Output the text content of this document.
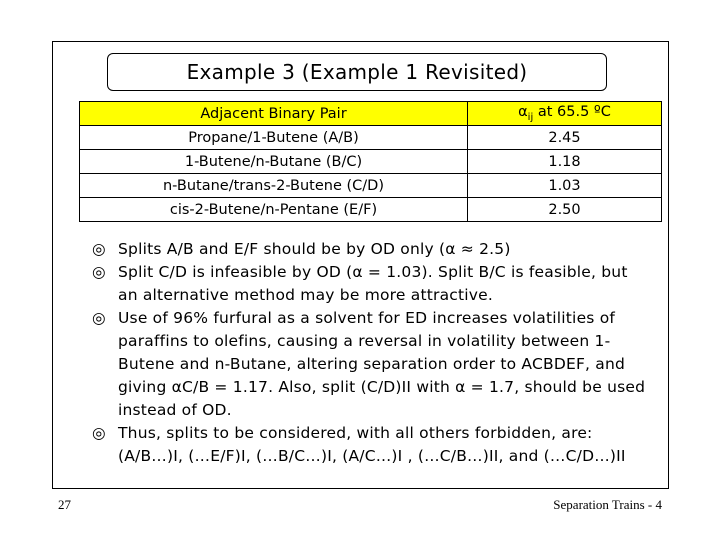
Example 3 (Example 1 Revisited)
Adjacent Binary Pair	$\alpha_{ij}$ at 65.5 ºC
Propane/1-Butene (A/B)	2.45
1-Butene/n-Butane (B/C)	1.18
n-Butane/trans-2-Butene (C/D)	1.03
cis-2-Butene/n-Pentane (E/F)	2.50
◎ Splits A/B and E/F should be by OD only (α ≈ 2.5)
◎ Split C/D is infeasible by OD (α = 1.03). Split B/C is feasible, but
an alternative method may be more attractive.
◎ Use of 96% furfural as a solvent for ED increases volatilities of
paraffins to olefins, causing a reversal in volatility between 1-
Butene and n-Butane, altering separation order to ACBDEF, and
giving αC/B = 1.17. Also, split (C/D)II with α = 1.7, should be used
instead of OD.
◎ Thus, splits to be considered, with all others forbidden, are:
(A/B…)I, (…E/F)I, (…B/C…)I, (A/C…)I , (…C/B…)II, and (…C/D…)II
27	Separation Trains - 4
